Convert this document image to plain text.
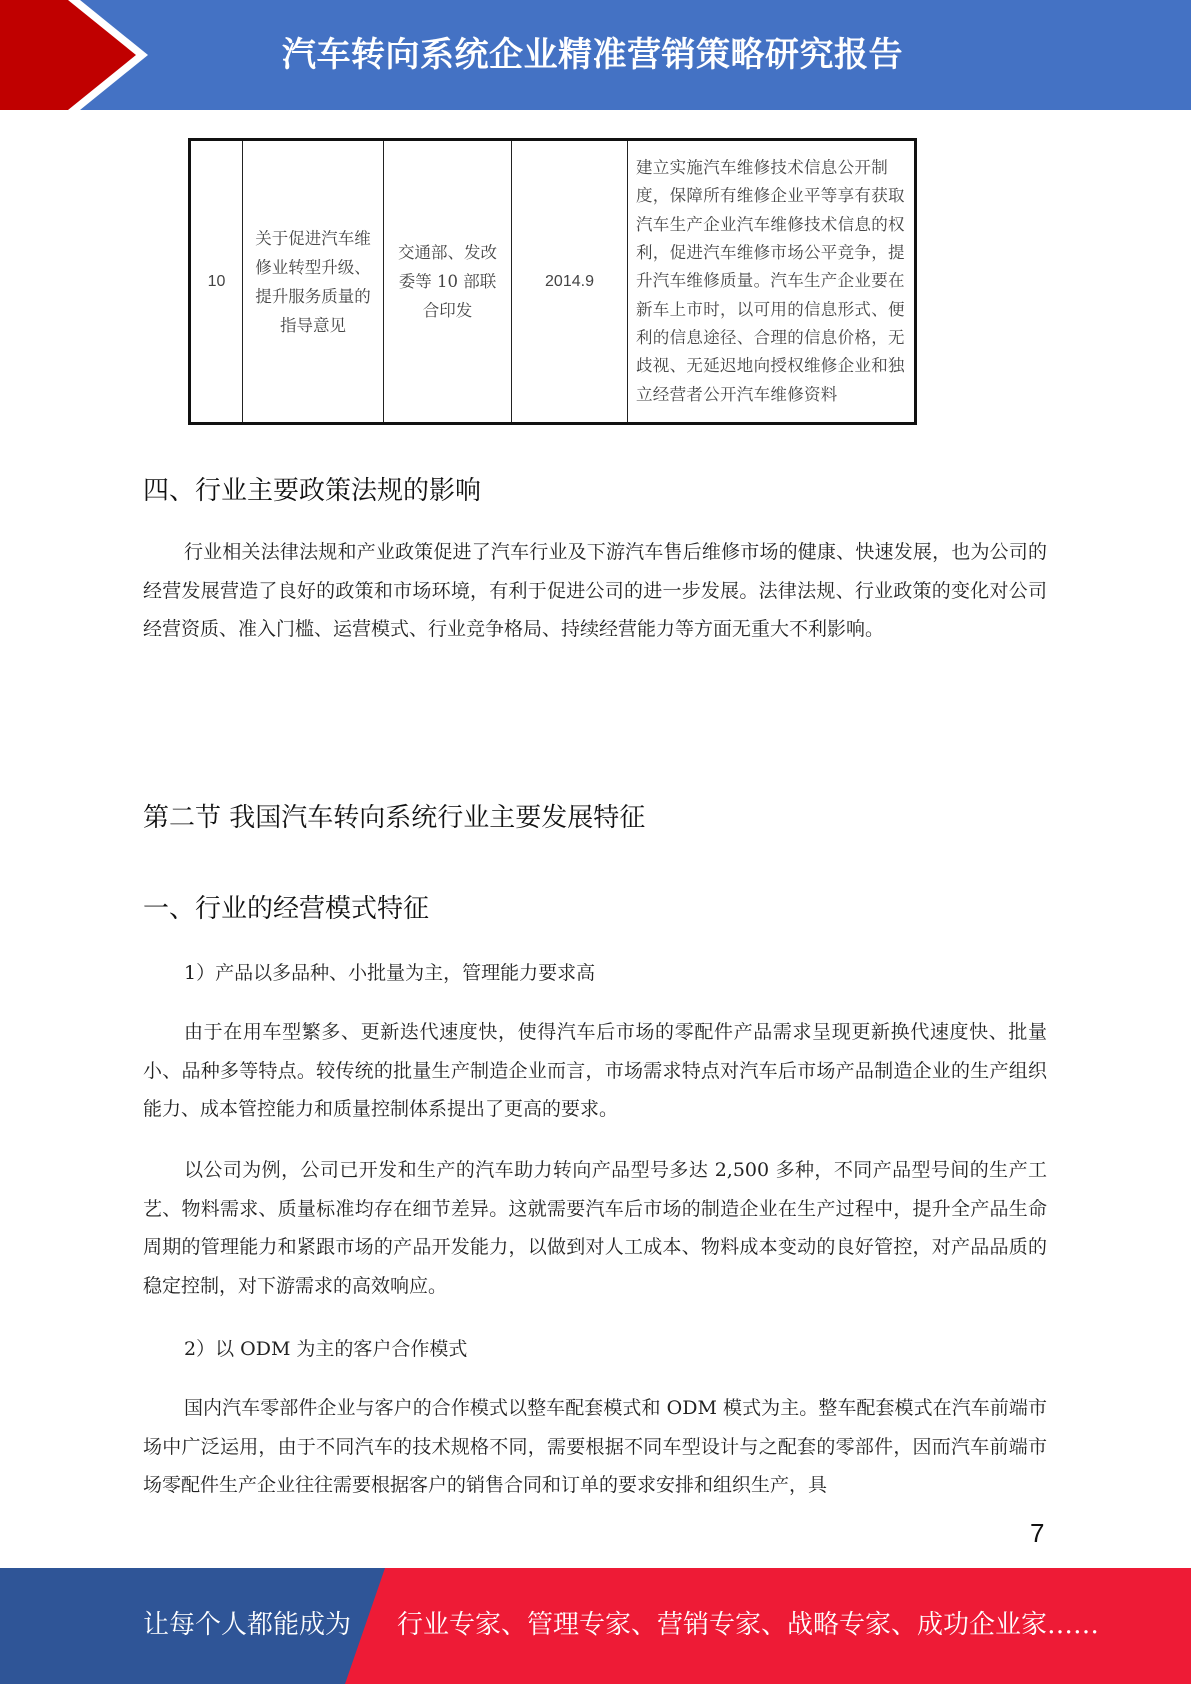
汽车转向系统企业精准营销策略研究报告
10	关于促进汽车维修业转型升级、提升服务质量的指导意见	交通部、发改委等 10 部联合印发	2014.9	建立实施汽车维修技术信息公开制度，保障所有维修企业平等享有获取汽车生产企业汽车维修技术信息的权利，促进汽车维修市场公平竞争，提升汽车维修质量。汽车生产企业要在新车上市时，以可用的信息形式、便利的信息途径、合理的信息价格，无歧视、无延迟地向授权维修企业和独立经营者公开汽车维修资料
四、行业主要政策法规的影响

行业相关法律法规和产业政策促进了汽车行业及下游汽车售后维修市场的健康、快速发展，也为公司的经营发展营造了良好的政策和市场环境，有利于促进公司的进一步发展。法律法规、行业政策的变化对公司经营资质、准入门槛、运营模式、行业竞争格局、持续经营能力等方面无重大不利影响。

第二节 我国汽车转向系统行业主要发展特征
一、行业的经营模式特征
1）产品以多品种、小批量为主，管理能力要求高

由于在用车型繁多、更新迭代速度快，使得汽车后市场的零配件产品需求呈现更新换代速度快、批量小、品种多等特点。较传统的批量生产制造企业而言，市场需求特点对汽车后市场产品制造企业的生产组织能力、成本管控能力和质量控制体系提出了更高的要求。

以公司为例，公司已开发和生产的汽车助力转向产品型号多达 2,500 多种，不同产品型号间的生产工艺、物料需求、质量标准均存在细节差异。这就需要汽车后市场的制造企业在生产过程中，提升全产品生命周期的管理能力和紧跟市场的产品开发能力，以做到对人工成本、物料成本变动的良好管控，对产品品质的稳定控制，对下游需求的高效响应。

2）以 ODM 为主的客户合作模式

国内汽车零部件企业与客户的合作模式以整车配套模式和 ODM 模式为主。整车配套模式在汽车前端市场中广泛运用，由于不同汽车的技术规格不同，需要根据不同车型设计与之配套的零部件，因而汽车前端市场零配件生产企业往往需要根据客户的销售合同和订单的要求安排和组织生产，具

7
让每个人都能成为 行业专家、管理专家、营销专家、战略专家、成功企业家……
